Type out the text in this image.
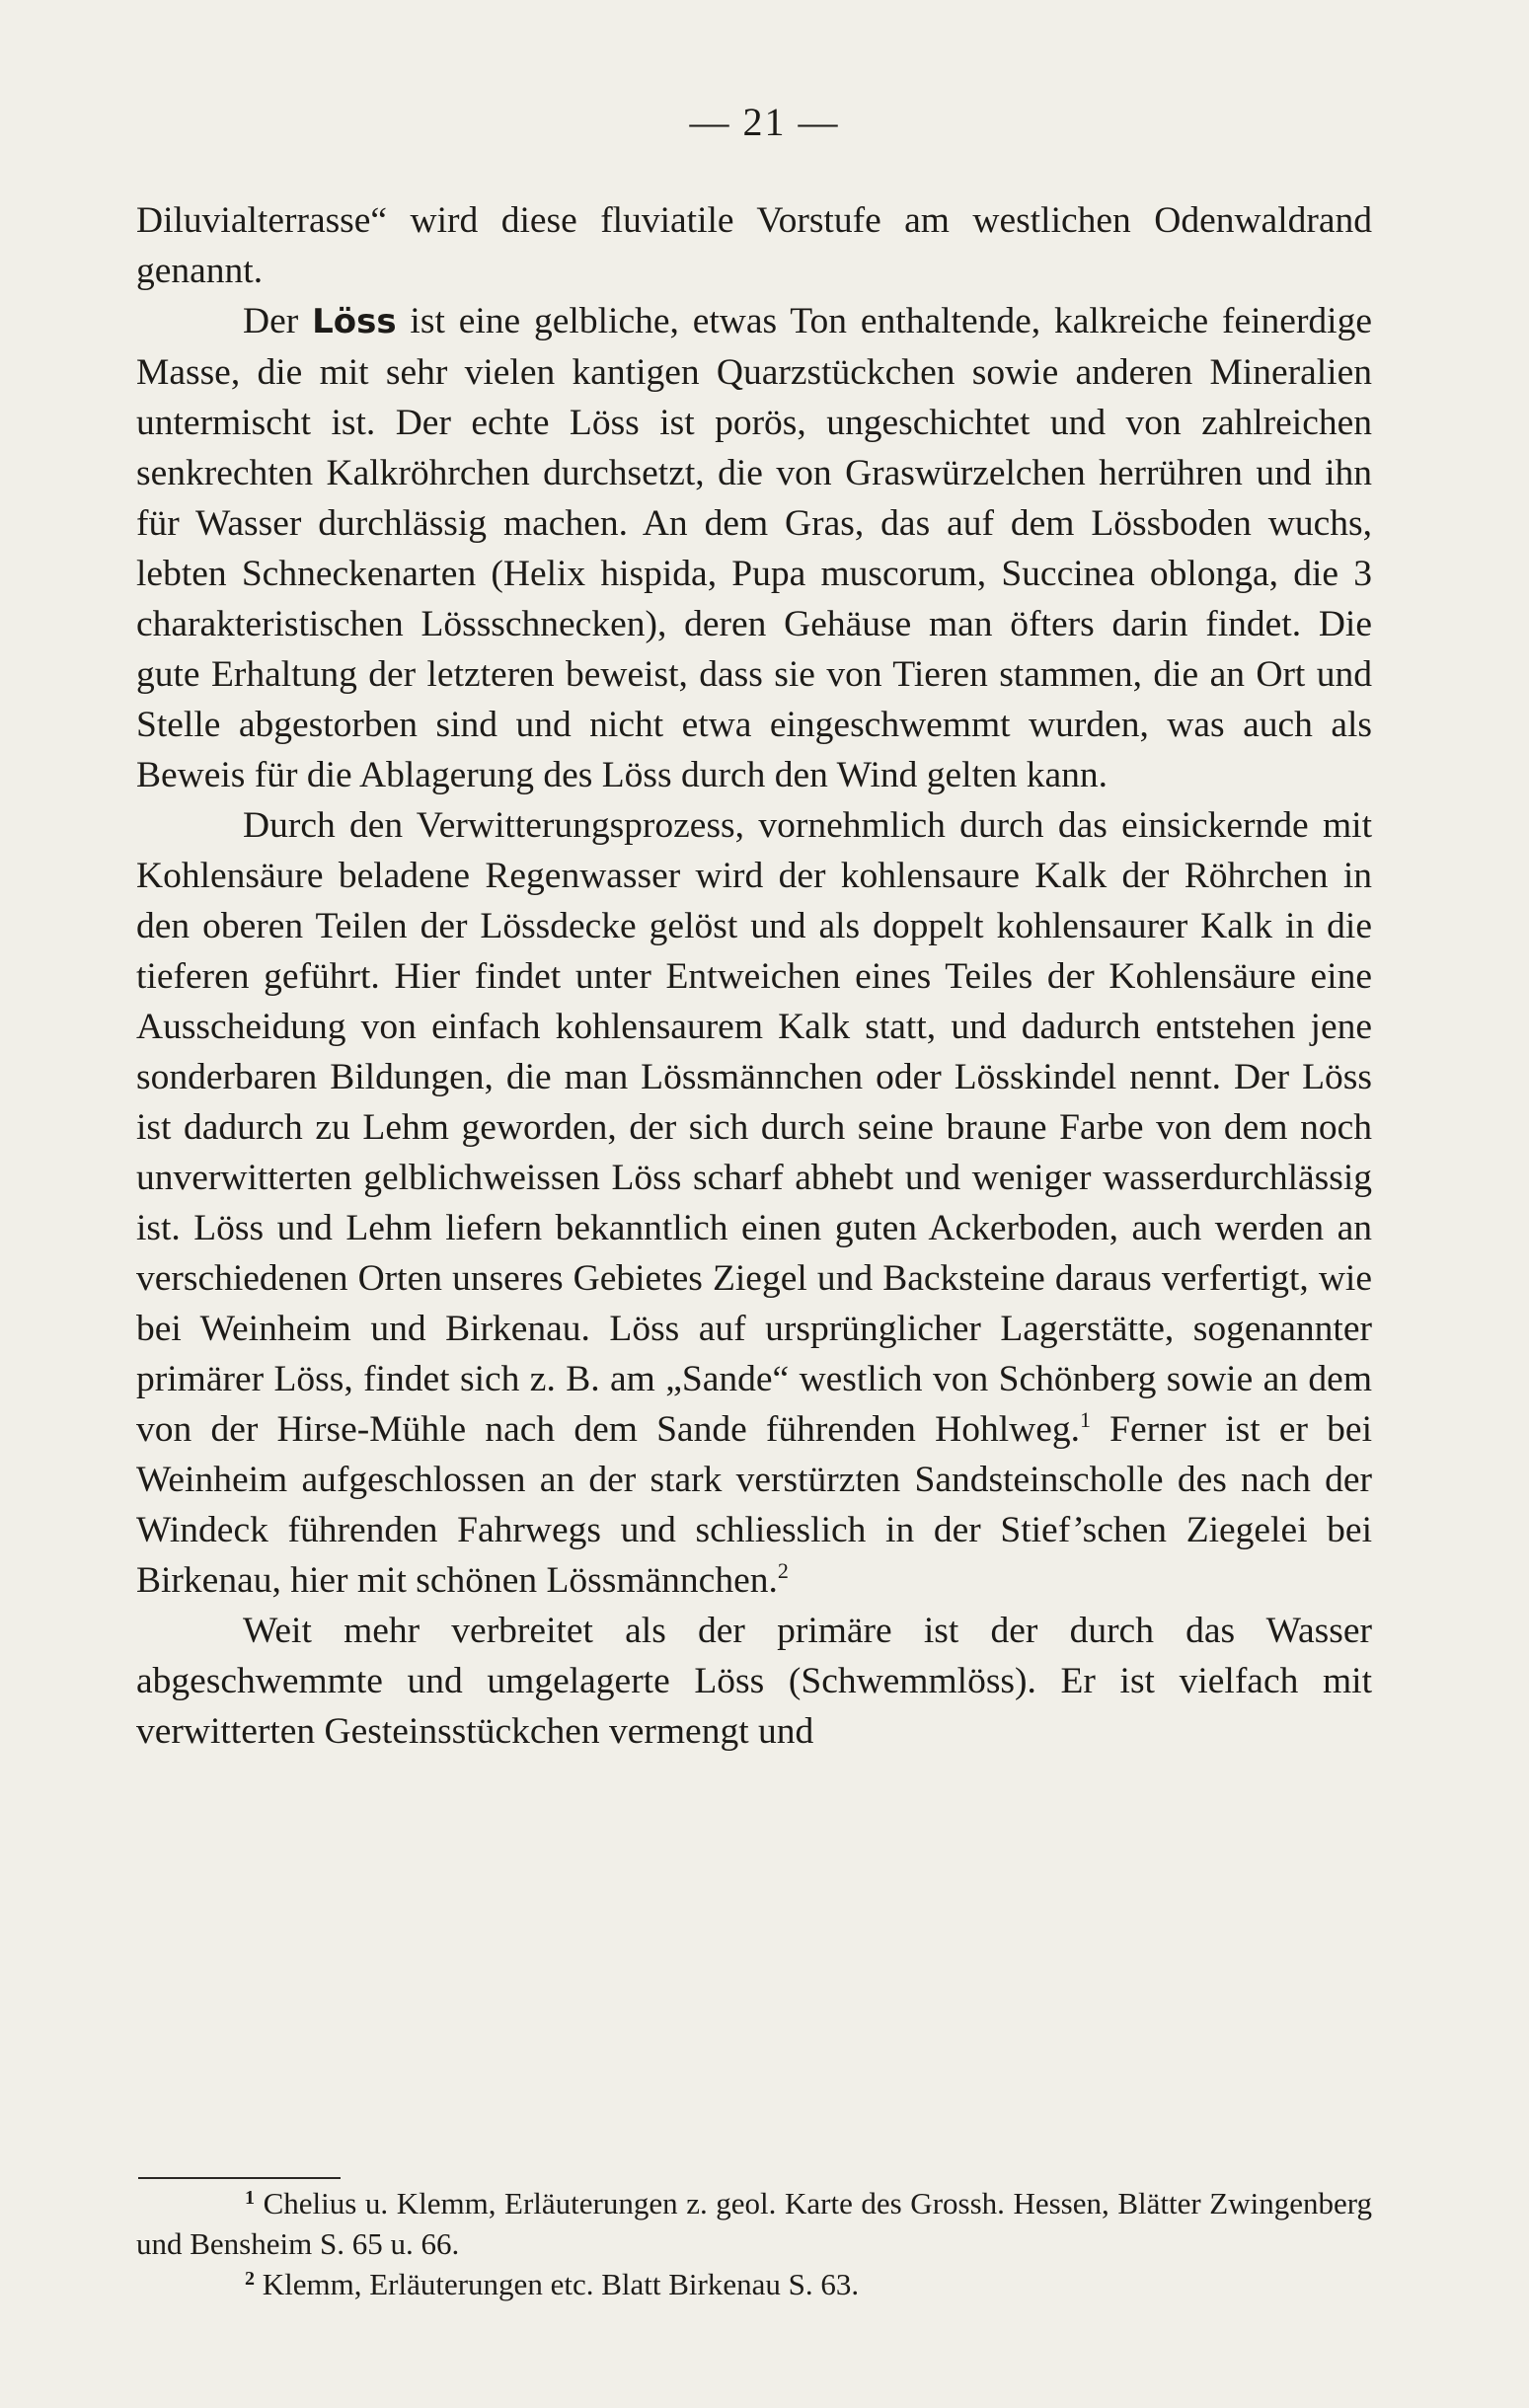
— 21 —

Diluvialterrasse“ wird diese fluviatile Vorstufe am westlichen Odenwaldrand genannt.

Der Löss ist eine gelbliche, etwas Ton enthaltende, kalkreiche feinerdige Masse, die mit sehr vielen kantigen Quarzstückchen sowie anderen Mineralien untermischt ist. Der echte Löss ist porös, ungeschichtet und von zahlreichen senkrechten Kalkröhrchen durchsetzt, die von Graswürzelchen herrühren und ihn für Wasser durchlässig machen. An dem Gras, das auf dem Lössboden wuchs, lebten Schneckenarten (Helix hispida, Pupa muscorum, Succinea oblonga, die 3 charakteristischen Lössschnecken), deren Gehäuse man öfters darin findet. Die gute Erhaltung der letzteren beweist, dass sie von Tieren stammen, die an Ort und Stelle abgestorben sind und nicht etwa eingeschwemmt wurden, was auch als Beweis für die Ablagerung des Löss durch den Wind gelten kann.

Durch den Verwitterungsprozess, vornehmlich durch das einsickernde mit Kohlensäure beladene Regenwasser wird der kohlensaure Kalk der Röhrchen in den oberen Teilen der Lössdecke gelöst und als doppelt kohlensaurer Kalk in die tieferen geführt. Hier findet unter Entweichen eines Teiles der Kohlensäure eine Ausscheidung von einfach kohlensaurem Kalk statt, und dadurch entstehen jene sonderbaren Bildungen, die man Lössmännchen oder Lösskindel nennt. Der Löss ist dadurch zu Lehm geworden, der sich durch seine braune Farbe von dem noch unverwitterten gelblichweissen Löss scharf abhebt und weniger wasserdurchlässig ist. Löss und Lehm liefern bekanntlich einen guten Ackerboden, auch werden an verschiedenen Orten unseres Gebietes Ziegel und Backsteine daraus verfertigt, wie bei Weinheim und Birkenau. Löss auf ursprünglicher Lagerstätte, sogenannter primärer Löss, findet sich z. B. am „Sande“ westlich von Schönberg sowie an dem von der Hirse-Mühle nach dem Sande führenden Hohlweg.$^1$ Ferner ist er bei Weinheim aufgeschlossen an der stark verstürzten Sandsteinscholle des nach der Windeck führenden Fahrwegs und schliesslich in der Stief’schen Ziegelei bei Birkenau, hier mit schönen Lössmännchen.$^2$

Weit mehr verbreitet als der primäre ist der durch das Wasser abgeschwemmte und umgelagerte Löss (Schwemmlöss). Er ist vielfach mit verwitterten Gesteinsstückchen vermengt und

$^1$ Chelius u. Klemm, Erläuterungen z. geol. Karte des Grossh. Hessen, Blätter Zwingenberg und Bensheim S. 65 u. 66.

$^2$ Klemm, Erläuterungen etc. Blatt Birkenau S. 63.
